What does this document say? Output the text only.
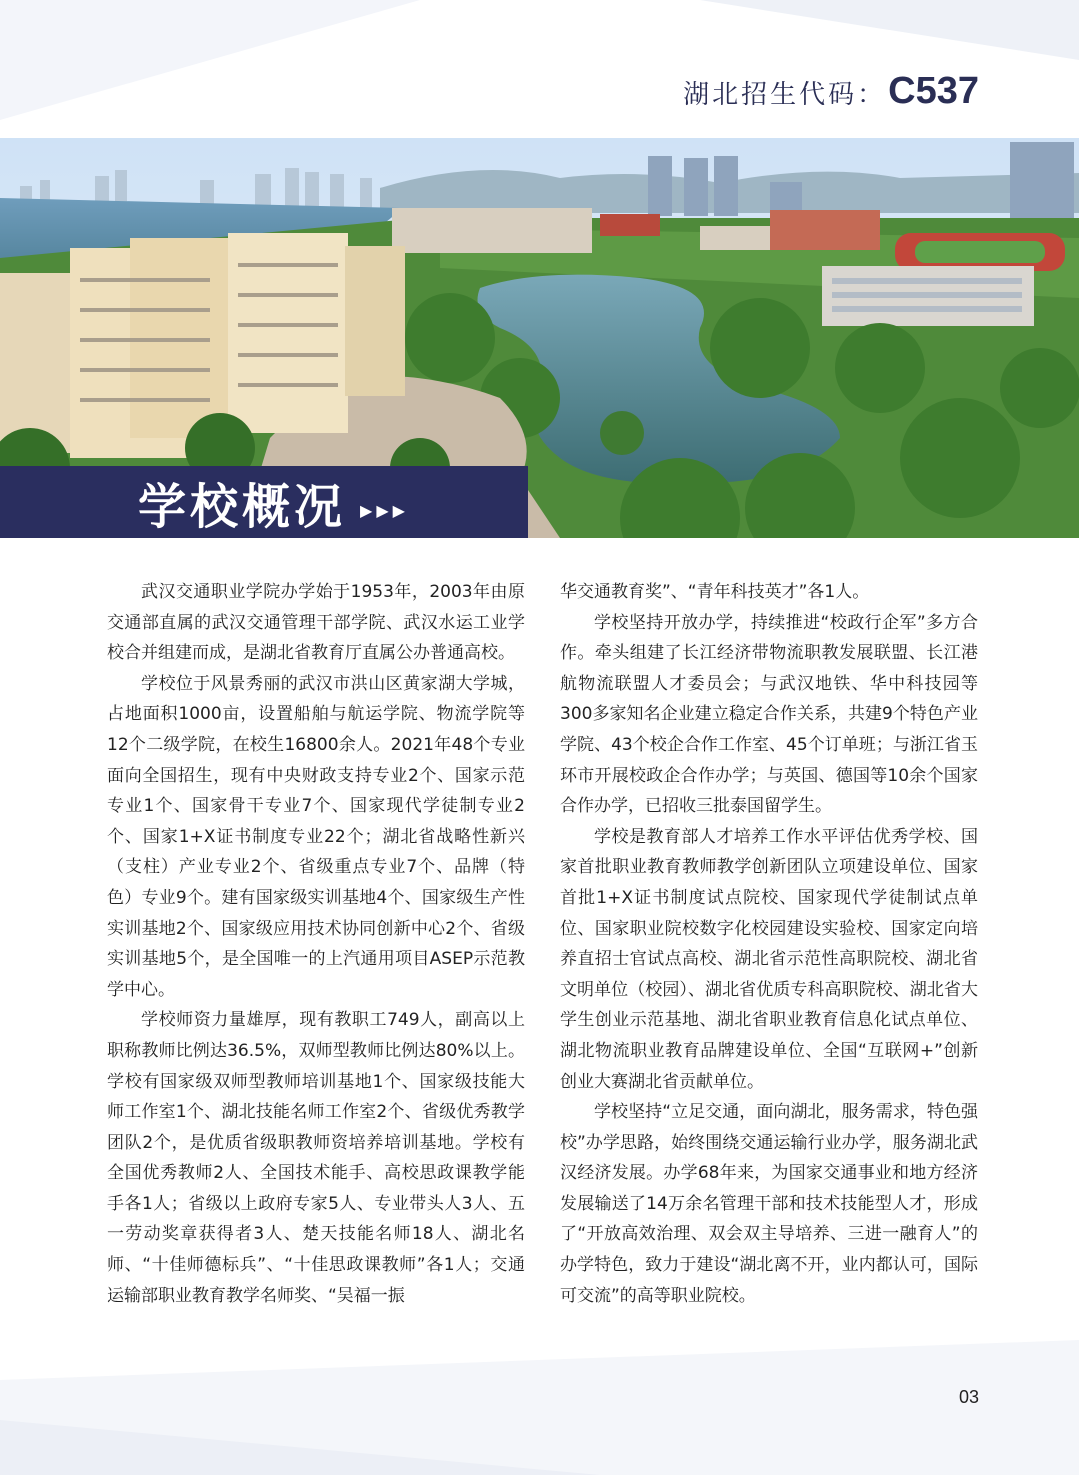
湖北招生代码： C537
学校概况 ▶▶▶

武汉交通职业学院办学始于1953年，2003年由原交通部直属的武汉交通管理干部学院、武汉水运工业学校合并组建而成，是湖北省教育厅直属公办普通高校。

学校位于风景秀丽的武汉市洪山区黄家湖大学城，占地面积1000亩，设置船舶与航运学院、物流学院等12个二级学院，在校生16800余人。2021年48个专业面向全国招生，现有中央财政支持专业2个、国家示范专业1个、国家骨干专业7个、国家现代学徒制专业2个、国家1+X证书制度专业22个；湖北省战略性新兴（支柱）产业专业2个、省级重点专业7个、品牌（特色）专业9个。建有国家级实训基地4个、国家级生产性实训基地2个、国家级应用技术协同创新中心2个、省级实训基地5个，是全国唯一的上汽通用项目ASEP示范教学中心。

学校师资力量雄厚，现有教职工749人，副高以上职称教师比例达36.5%，双师型教师比例达80%以上。学校有国家级双师型教师培训基地1个、国家级技能大师工作室1个、湖北技能名师工作室2个、省级优秀教学团队2个，是优质省级职教师资培养培训基地。学校有全国优秀教师2人、全国技术能手、高校思政课教学能手各1人；省级以上政府专家5人、专业带头人3人、五一劳动奖章获得者3人、楚天技能名师18人、湖北名师、“十佳师德标兵”、“十佳思政课教师”各1人；交通运输部职业教育教学名师奖、“吴福一振

华交通教育奖”、“青年科技英才”各1人。

学校坚持开放办学，持续推进“校政行企军”多方合作。牵头组建了长江经济带物流职教发展联盟、长江港航物流联盟人才委员会；与武汉地铁、华中科技园等300多家知名企业建立稳定合作关系，共建9个特色产业学院、43个校企合作工作室、45个订单班；与浙江省玉环市开展校政企合作办学；与英国、德国等10余个国家合作办学，已招收三批泰国留学生。

学校是教育部人才培养工作水平评估优秀学校、国家首批职业教育教师教学创新团队立项建设单位、国家首批1+X证书制度试点院校、国家现代学徒制试点单位、国家职业院校数字化校园建设实验校、国家定向培养直招士官试点高校、湖北省示范性高职院校、湖北省文明单位（校园）、湖北省优质专科高职院校、湖北省大学生创业示范基地、湖北省职业教育信息化试点单位、湖北物流职业教育品牌建设单位、全国“互联网+”创新创业大赛湖北省贡献单位。

学校坚持“立足交通，面向湖北，服务需求，特色强校”办学思路，始终围绕交通运输行业办学，服务湖北武汉经济发展。办学68年来，为国家交通事业和地方经济发展输送了14万余名管理干部和技术技能型人才，形成了“开放高效治理、双会双主导培养、三进一融育人”的办学特色，致力于建设“湖北离不开，业内都认可，国际可交流”的高等职业院校。

03
